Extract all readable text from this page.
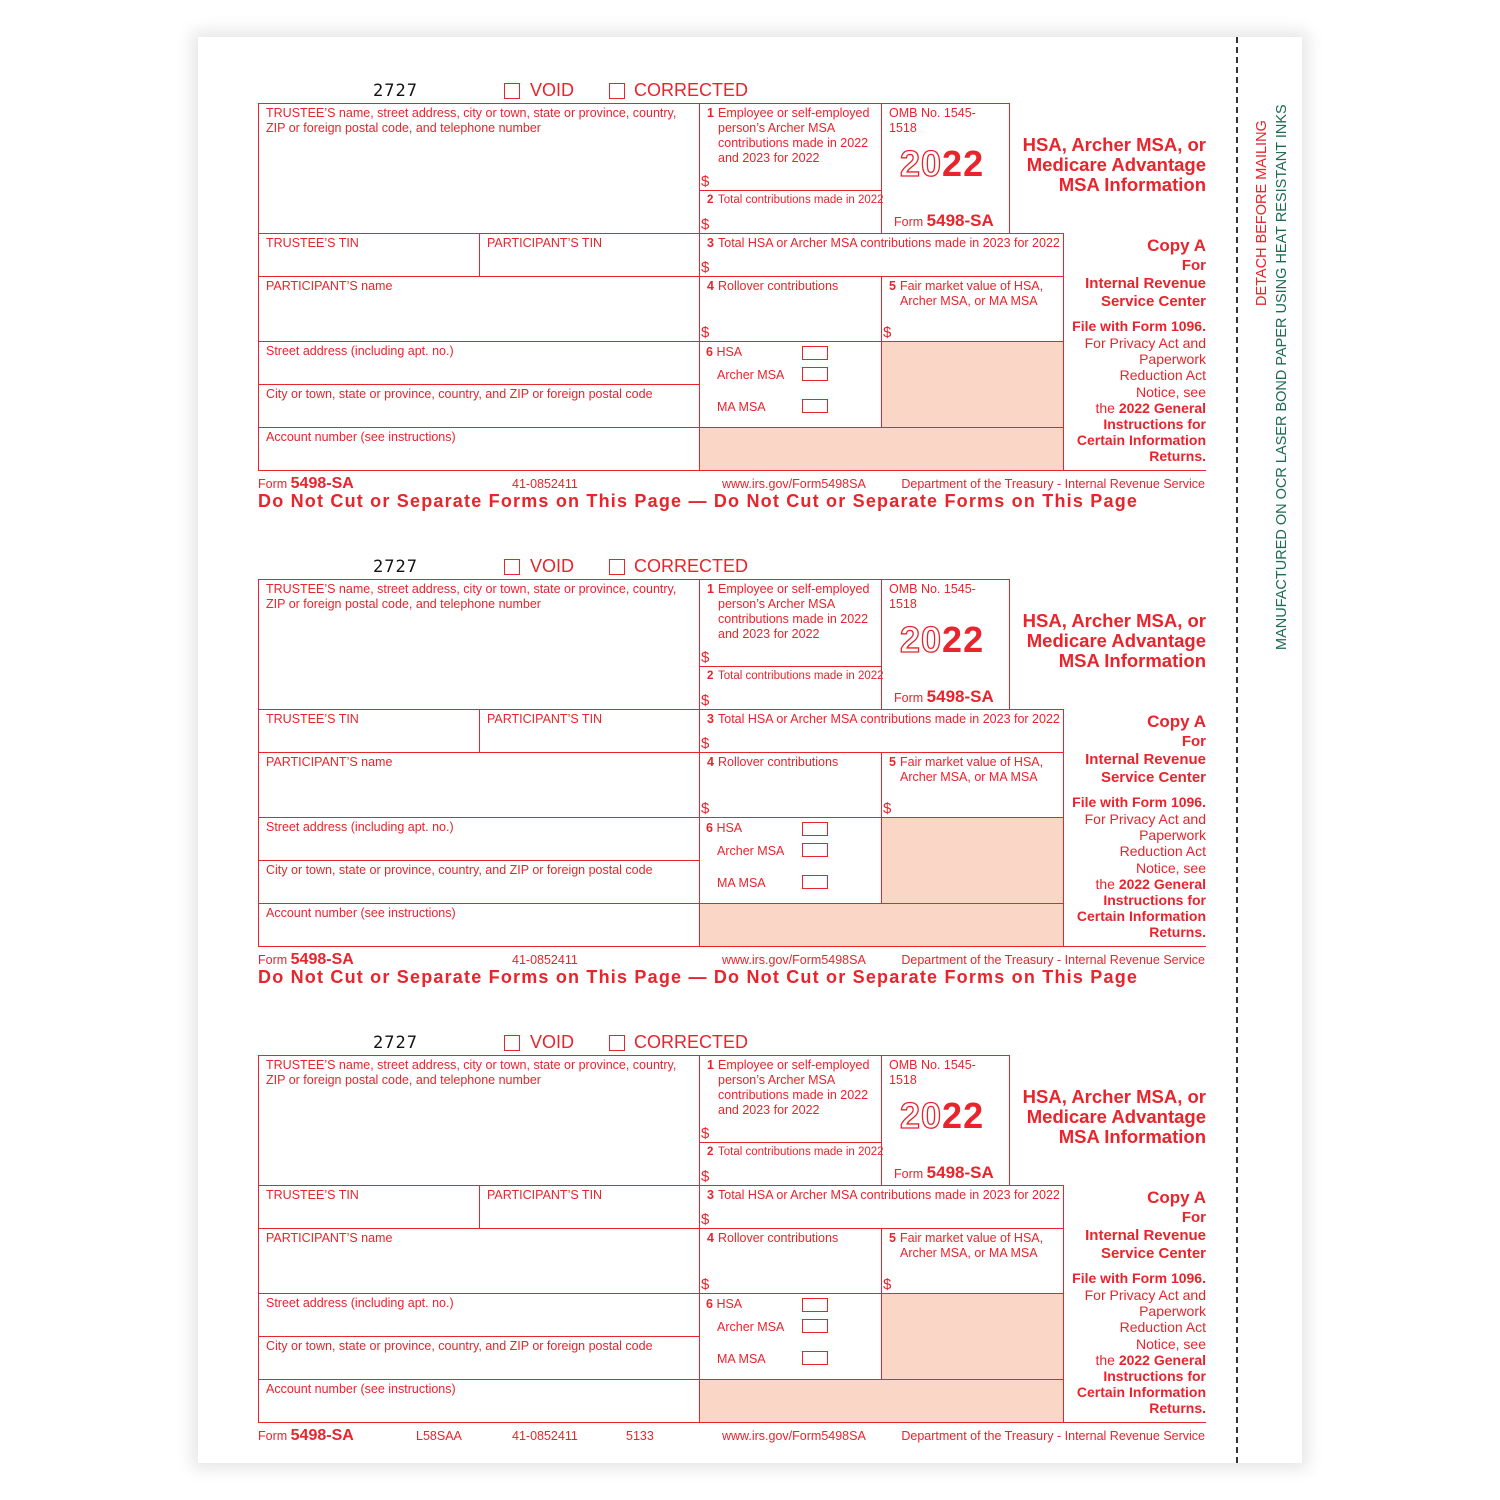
DETACH BEFORE MAILING MANUFACTURED ON OCR LASER BOND PAPER USING HEAT RESISTANT INKS
2727	VOID	CORRECTED
TRUSTEE’S name, street address, city or town, state or province, country, ZIP or foreign postal code, and telephone number
1 Employee or self-employed person’s Archer MSA contributions made in 2022 and 2023 for 2022
$
2 Total contributions made in 2022
$
OMB No. 1545-1518
2022
Form 5498-SA
HSA, Archer MSA, or Medicare Advantage MSA Information
TRUSTEE’S TIN	PARTICIPANT’S TIN	3 Total HSA or Archer MSA contributions made in 2023 for 2022
$
PARTICIPANT’S name	4 Rollover contributions
$
5 Fair market value of HSA, Archer MSA, or MA MSA
$
Street address (including apt. no.)	6 HSA
Archer MSA
MA MSA
City or town, state or province, country, and ZIP or foreign postal code
Account number (see instructions)
Copy A
For
Internal Revenue
Service Center
File with Form 1096.
For Privacy Act and
Paperwork
Reduction Act
Notice, see
the 2022 General
Instructions for
Certain Information
Returns.
Form 5498-SA	41-0852411	www.irs.gov/Form5498SA	Department of the Treasury - Internal Revenue Service
Do Not Cut or Separate Forms on This Page — Do Not Cut or Separate Forms on This Page
2727	VOID	CORRECTED
TRUSTEE’S name, street address, city or town, state or province, country, ZIP or foreign postal code, and telephone number
1 Employee or self-employed person’s Archer MSA contributions made in 2022 and 2023 for 2022
$
2 Total contributions made in 2022
$
OMB No. 1545-1518
2022
Form 5498-SA
HSA, Archer MSA, or Medicare Advantage MSA Information
TRUSTEE’S TIN	PARTICIPANT’S TIN	3 Total HSA or Archer MSA contributions made in 2023 for 2022
$
PARTICIPANT’S name	4 Rollover contributions
$
5 Fair market value of HSA, Archer MSA, or MA MSA
$
Street address (including apt. no.)	6 HSA
Archer MSA
MA MSA
City or town, state or province, country, and ZIP or foreign postal code
Account number (see instructions)
Copy A
For
Internal Revenue
Service Center
File with Form 1096.
For Privacy Act and
Paperwork
Reduction Act
Notice, see
the 2022 General
Instructions for
Certain Information
Returns.
Form 5498-SA	41-0852411	www.irs.gov/Form5498SA	Department of the Treasury - Internal Revenue Service
Do Not Cut or Separate Forms on This Page — Do Not Cut or Separate Forms on This Page
2727	VOID	CORRECTED
TRUSTEE’S name, street address, city or town, state or province, country, ZIP or foreign postal code, and telephone number
1 Employee or self-employed person’s Archer MSA contributions made in 2022 and 2023 for 2022
$
2 Total contributions made in 2022
$
OMB No. 1545-1518
2022
Form 5498-SA
HSA, Archer MSA, or Medicare Advantage MSA Information
TRUSTEE’S TIN	PARTICIPANT’S TIN	3 Total HSA or Archer MSA contributions made in 2023 for 2022
$
PARTICIPANT’S name	4 Rollover contributions
$
5 Fair market value of HSA, Archer MSA, or MA MSA
$
Street address (including apt. no.)	6 HSA
Archer MSA
MA MSA
City or town, state or province, country, and ZIP or foreign postal code
Account number (see instructions)
Copy A
For
Internal Revenue
Service Center
File with Form 1096.
For Privacy Act and
Paperwork
Reduction Act
Notice, see
the 2022 General
Instructions for
Certain Information
Returns.
Form 5498-SA	L58SAA	41-0852411	5133	www.irs.gov/Form5498SA	Department of the Treasury - Internal Revenue Service
